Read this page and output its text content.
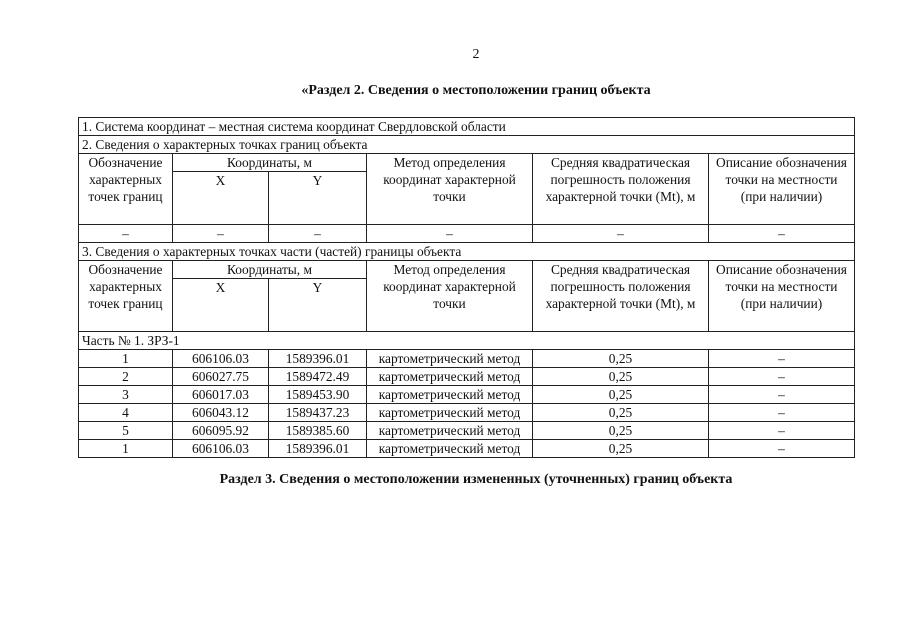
2
«Раздел 2. Сведения о местоположении границ объекта
1. Система координат – местная система координат Свердловской области					
2. Сведения о характерных точках границ объекта					
Обозначение характерных точек границ	Координаты, м		Метод определения координат характерной точки	Средняя квадратическая погрешность положения характерной точки (Mt), м	Описание обозначения точки на местности (при наличии)
	X	Y			
–	–	–	–	–	–
3. Сведения о характерных точках части (частей) границы объекта					
Обозначение характерных точек границ	Координаты, м		Метод определения координат характерной точки	Средняя квадратическая погрешность положения характерной точки (Mt), м	Описание обозначения точки на местности (при наличии)
	X	Y			
Часть № 1. ЗРЗ-1					
1	606106.03	1589396.01	картометрический метод	0,25	–
2	606027.75	1589472.49	картометрический метод	0,25	–
3	606017.03	1589453.90	картометрический метод	0,25	–
4	606043.12	1589437.23	картометрический метод	0,25	–
5	606095.92	1589385.60	картометрический метод	0,25	–
1	606106.03	1589396.01	картометрический метод	0,25	–
Раздел 3. Сведения о местоположении измененных (уточненных) границ объекта
